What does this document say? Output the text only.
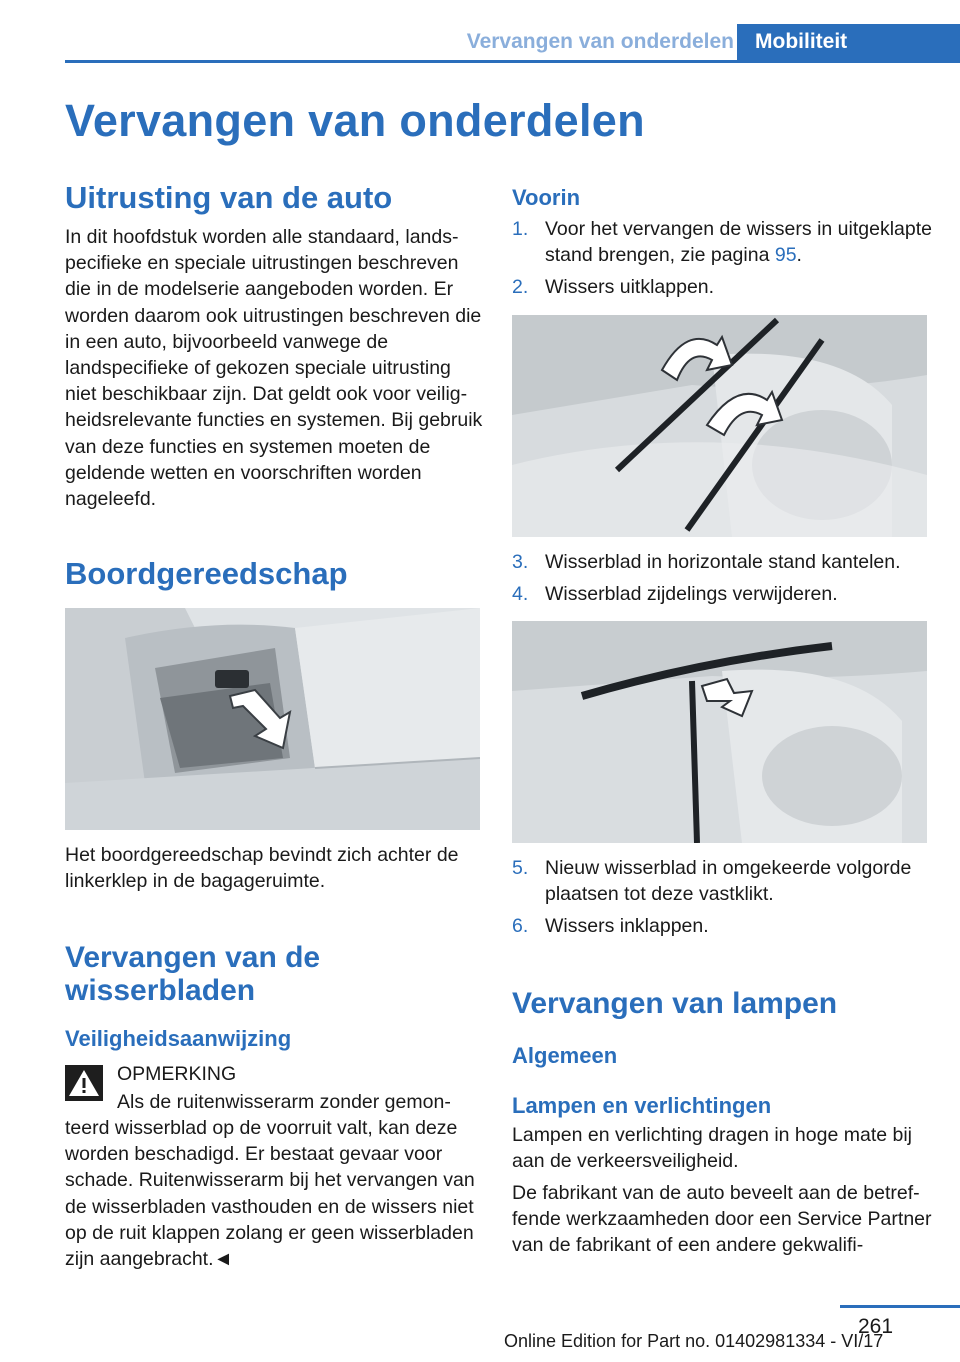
Vervangen van onderdelen	Mobiliteit
Vervangen van onderdelen
Uitrusting van de auto

In dit hoofdstuk worden alle standaard, landspecifieke en speciale uitrustingen beschreven die in de modelserie aangeboden worden. Er worden daarom ook uitrustingen beschreven die in een auto, bijvoorbeeld vanwege de landspecifieke of gekozen speciale uitrusting niet beschikbaar zijn. Dat geldt ook voor veiligheidsrelevante functies en systemen. Bij gebruik van deze functies en systemen moeten de geldende wetten en voorschriften worden nageleefd.

Boordgereedschap

Het boordgereedschap bevindt zich achter de linkerklep in de bagageruimte.

Vervangen van de wisserbladen
Veiligheidsaanwijzing
OPMERKING

Als de ruitenwisserarm zonder gemonteerd wisserblad op de voorruit valt, kan deze worden beschadigd. Er bestaat gevaar voor schade. Ruitenwisserarm bij het vervangen van de wisserbladen vasthouden en de wissers niet op de ruit klappen zolang er geen wisserbladen zijn aangebracht.◄

Voorin
1. Voor het vervangen de wissers in uitgeklapte stand brengen, zie pagina 95.
2. Wissers uitklappen.
3. Wisserblad in horizontale stand kantelen.
4. Wisserblad zijdelings verwijderen.
5. Nieuw wisserblad in omgekeerde volgorde plaatsen tot deze vastklikt.
6. Wissers inklappen.
Vervangen van lampen
Algemeen
Lampen en verlichtingen

Lampen en verlichting dragen in hoge mate bij aan de verkeersveiligheid.

De fabrikant van de auto beveelt aan de betreffende werkzaamheden door een Service Partner van de fabrikant of een andere gekwalifi-

261
Online Edition for Part no. 01402981334 - VI/17
